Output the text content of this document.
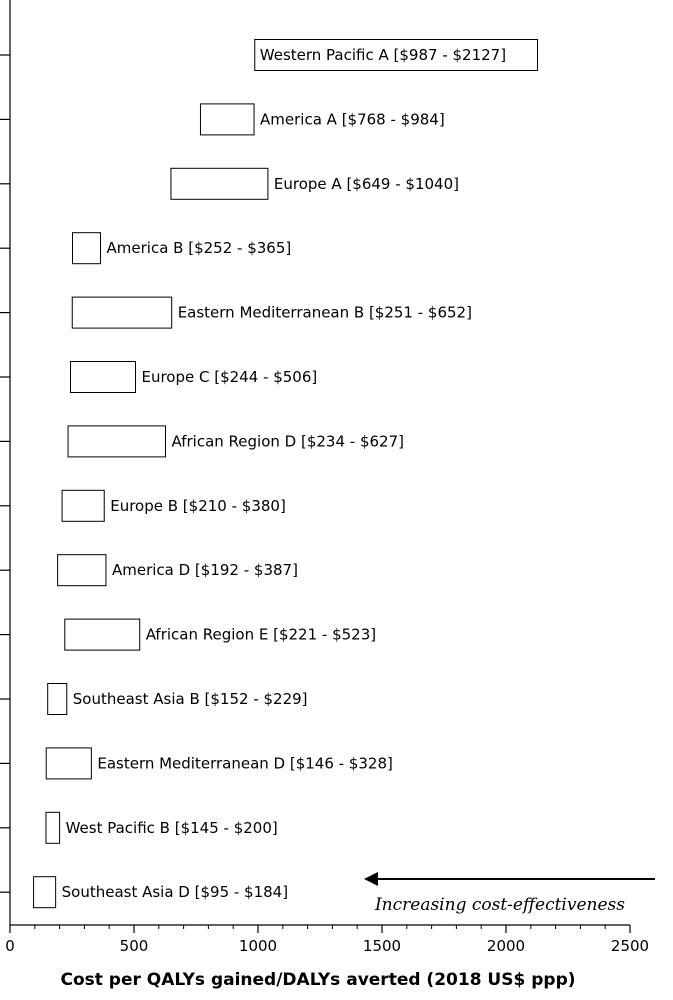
Western Pacific A [$987 - $2127]
America A [$768 - $984]
Europe A [$649 - $1040]
America B [$252 - $365]
Eastern Mediterranean B [$251 - $652]
Europe C [$244 - $506]
African Region D [$234 - $627]
Europe B [$210 - $380]
America D [$192 - $387]
African Region E [$221 - $523]
Southeast Asia B [$152 - $229]
Eastern Mediterranean D [$146 - $328]
West Pacific B [$145 - $200]
Southeast Asia D [$95 - $184]
0	500	1000	1500	2000	2500
Increasing cost-effectiveness
Cost per QALYs gained/DALYs averted (2018 US$ ppp)
